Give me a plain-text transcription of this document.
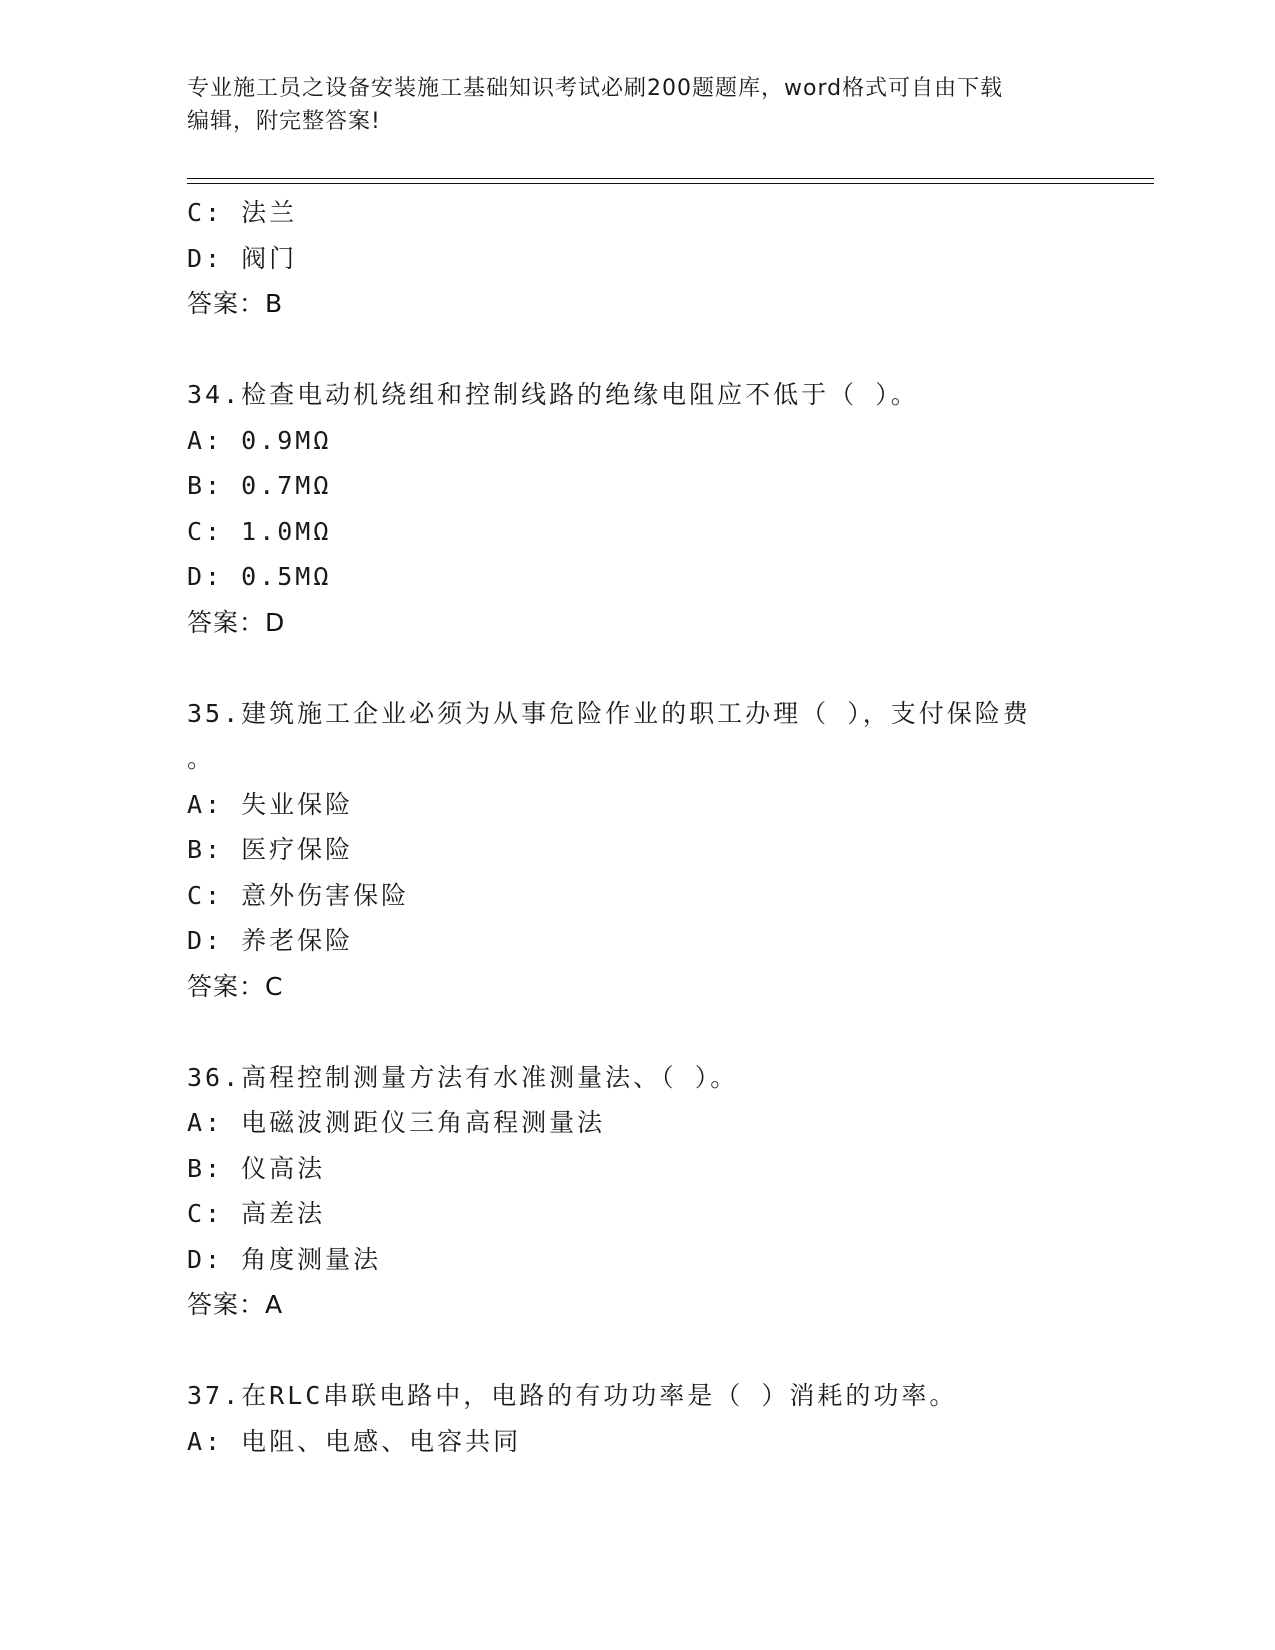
专业施工员之设备安装施工基础知识考试必刷200题题库，word格式可自由下载
编辑，附完整答案!
C: 法兰
D: 阀门
答案：B
34.检查电动机绕组和控制线路的绝缘电阻应不低于（ ）。
A: 0.9MΩ
B: 0.7MΩ
C: 1.0MΩ
D: 0.5MΩ
答案：D
35.建筑施工企业必须为从事危险作业的职工办理（ ），支付保险费
。
A: 失业保险
B: 医疗保险
C: 意外伤害保险
D: 养老保险
答案：C
36.高程控制测量方法有水准测量法、（ ）。
A: 电磁波测距仪三角高程测量法
B: 仪高法
C: 高差法
D: 角度测量法
答案：A
37.在RLC串联电路中，电路的有功功率是（ ）消耗的功率。
A: 电阻、电感、电容共同
